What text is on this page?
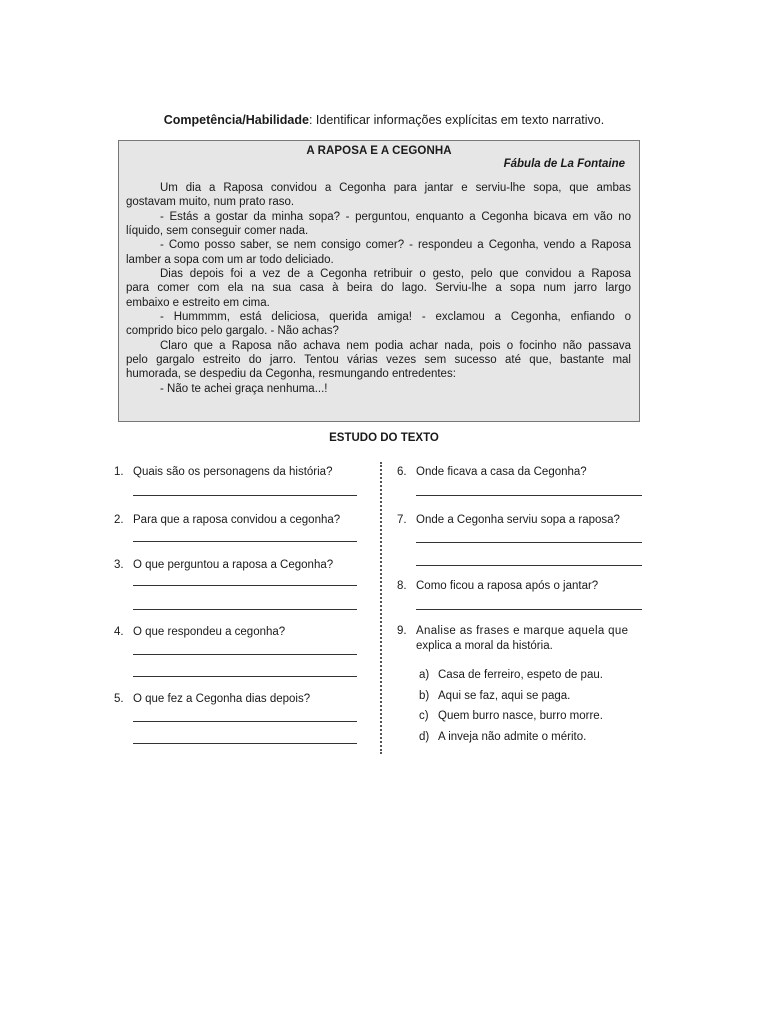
Competência/Habilidade: Identificar informações explícitas em texto narrativo.
A RAPOSA E A CEGONHA
Fábula de La Fontaine

Um dia a Raposa convidou a Cegonha para jantar e serviu-lhe sopa, que ambas

gostavam muito, num prato raso.

- Estás a gostar da minha sopa? - perguntou, enquanto a Cegonha bicava em vão no

líquido, sem conseguir comer nada.

- Como posso saber, se nem consigo comer? - respondeu a Cegonha, vendo a Raposa

lamber a sopa com um ar todo deliciado.

Dias depois foi a vez de a Cegonha retribuir o gesto, pelo que convidou a Raposa

para comer com ela na sua casa à beira do lago. Serviu-lhe a sopa num jarro largo

embaixo e estreito em cima.

- Hummmm, está deliciosa, querida amiga! - exclamou a Cegonha, enfiando o

comprido bico pelo gargalo. - Não achas?

Claro que a Raposa não achava nem podia achar nada, pois o focinho não passava

pelo gargalo estreito do jarro. Tentou várias vezes sem sucesso até que, bastante mal

humorada, se despediu da Cegonha, resmungando entredentes:

- Não te achei graça nenhuma...!

ESTUDO DO TEXTO
1. Quais são os personagens da história?
2. Para que a raposa convidou a cegonha?
3. O que perguntou a raposa a Cegonha?
4. O que respondeu a cegonha?
5. O que fez a Cegonha dias depois?
6. Onde ficava a casa da Cegonha?
7. Onde a Cegonha serviu sopa a raposa?
8. Como ficou a raposa após o jantar?
9. Analise as frases e marque aquela que
explica a moral da história.
a) Casa de ferreiro, espeto de pau.
b) Aqui se faz, aqui se paga.
c) Quem burro nasce, burro morre.
d) A inveja não admite o mérito.
